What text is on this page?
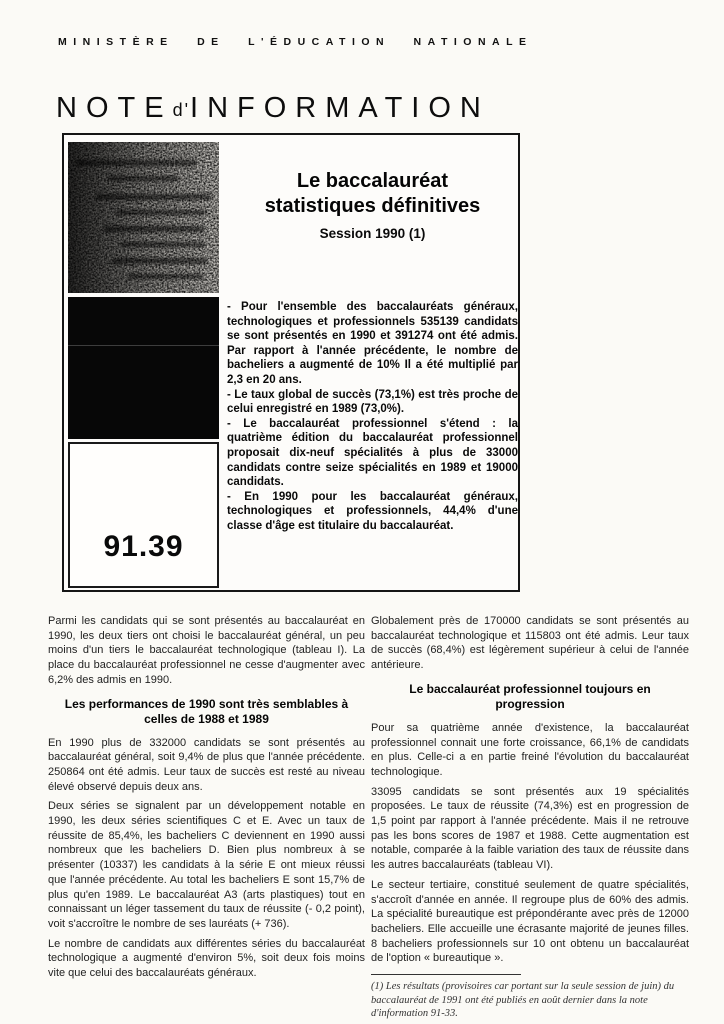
MINISTÈRE DE L'ÉDUCATION NATIONALE
NOTEd'INFORMATION
91.39
Le baccalauréat
statistiques définitives
Session 1990 (1)

- Pour l'ensemble des baccalauréats généraux, technologiques et professionnels 535139 candidats se sont présentés en 1990 et 391274 ont été admis. Par rapport à l'année précédente, le nombre de bacheliers a augmenté de 10% Il a été multiplié par 2,3 en 20 ans.

- Le taux global de succès (73,1%) est très proche de celui enregistré en 1989 (73,0%).

- Le baccalauréat professionnel s'étend : la quatrième édition du baccalauréat professionnel proposait dix-neuf spécialités à plus de 33000 candidats contre seize spécialités en 1989 et 19000 candidats.

- En 1990 pour les baccalauréat généraux, technologiques et professionnels, 44,4% d'une classe d'âge est titulaire du baccalauréat.

Parmi les candidats qui se sont présentés au baccalauréat en 1990, les deux tiers ont choisi le baccalauréat général, un peu moins d'un tiers le baccalauréat technologique (tableau I). La place du baccalauréat professionnel ne cesse d'augmenter avec 6,2% des admis en 1990.

Les performances de 1990 sont très semblables à celles de 1988 et 1989

En 1990 plus de 332000 candidats se sont présentés au baccalauréat général, soit 9,4% de plus que l'année précédente. 250864 ont été admis. Leur taux de succès est resté au niveau élevé observé depuis deux ans.

Deux séries se signalent par un développement notable en 1990, les deux séries scientifiques C et E. Avec un taux de réussite de 85,4%, les bacheliers C deviennent en 1990 aussi nombreux que les bacheliers D. Bien plus nombreux à se présenter (10337) les candidats à la série E ont mieux réussi que l'année précédente. Au total les bacheliers E sont 15,7% de plus qu'en 1989. Le baccalauréat A3 (arts plastiques) tout en connaissant un léger tassement du taux de réussite (- 0,2 point), voit s'accroître le nombre de ses lauréats (+ 736).

Le nombre de candidats aux différentes séries du baccalauréat technologique a augmenté d'environ 5%, soit deux fois moins vite que celui des baccalauréats généraux.

Globalement près de 170000 candidats se sont présentés au baccalauréat technologique et 115803 ont été admis. Leur taux de succès (68,4%) est légèrement supérieur à celui de l'année antérieure.

Le baccalauréat professionnel toujours en progression

Pour sa quatrième année d'existence, la baccalauréat professionnel connait une forte croissance, 66,1% de candidats en plus. Celle-ci a en partie freiné l'évolution du baccalauréat technologique.

33095 candidats se sont présentés aux 19 spécialités proposées. Le taux de réussite (74,3%) est en progression de 1,5 point par rapport à l'année précédente. Mais il ne retrouve pas les bons scores de 1987 et 1988. Cette augmentation est notable, comparée à la faible variation des taux de réussite dans les autres baccalauréats (tableau VI).

Le secteur tertiaire, constitué seulement de quatre spécialités, s'accroît d'année en année. Il regroupe plus de 60% des admis. La spécialité bureautique est prépondérante avec près de 12000 bacheliers. Elle accueille une écrasante majorité de jeunes filles. 8 bacheliers professionnels sur 10 ont obtenu un baccalauréat de l'option « bureautique ».

(1) Les résultats (provisoires car portant sur la seule session de juin) du baccalauréat de 1991 ont été publiés en août dernier dans la note d'information 91-33.
